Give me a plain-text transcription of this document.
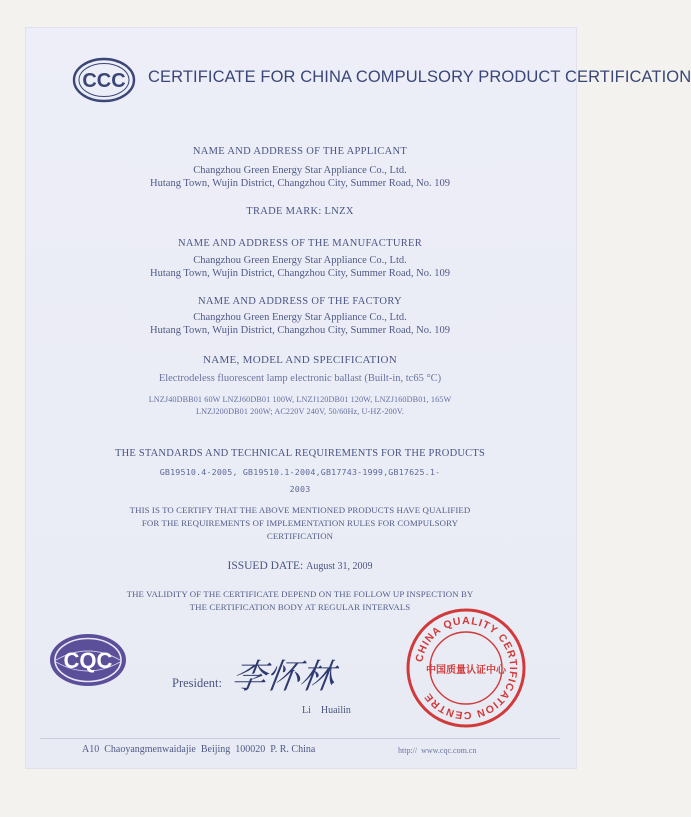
CCC CERTIFICATE FOR CHINA COMPULSORY PRODUCT CERTIFICATION
NAME AND ADDRESS OF THE APPLICANT
Changzhou Green Energy Star Appliance Co., Ltd.
Hutang Town, Wujin District, Changzhou City, Summer Road, No. 109
TRADE MARK: LNZX
NAME AND ADDRESS OF THE MANUFACTURER
Changzhou Green Energy Star Appliance Co., Ltd.
Hutang Town, Wujin District, Changzhou City, Summer Road, No. 109
NAME AND ADDRESS OF THE FACTORY
Changzhou Green Energy Star Appliance Co., Ltd.
Hutang Town, Wujin District, Changzhou City, Summer Road, No. 109
NAME, MODEL AND SPECIFICATION
Electrodeless fluorescent lamp electronic ballast (Built-in, tc65 °C)
LNZJ40DBB01 60W LNZJ60DB01 100W, LNZJ120DB01 120W, LNZJ160DB01, 165W
LNZJ200DB01 200W; AC220V 240V, 50/60Hz, U-HZ-200V.
THE STANDARDS AND TECHNICAL REQUIREMENTS FOR THE PRODUCTS
GB19510.4-2005, GB19510.1-2004,GB17743-1999,GB17625.1-
2003
THIS IS TO CERTIFY THAT THE ABOVE MENTIONED PRODUCTS HAVE QUALIFIED
FOR THE REQUIREMENTS OF IMPLEMENTATION RULES FOR COMPULSORY
CERTIFICATION
ISSUED DATE: August 31, 2009
THE VALIDITY OF THE CERTIFICATE DEPEND ON THE FOLLOW UP INSPECTION BY
THE CERTIFICATION BODY AT REGULAR INTERVALS
CQC
President: 李怀林
Li    Huailin
CHINA QUALITY CERTIFICATION CENTRE
中国质量认证中心
A10  Chaoyangmenwaidajie  Beijing  100020  P. R. China	http://  www.cqc.com.cn
